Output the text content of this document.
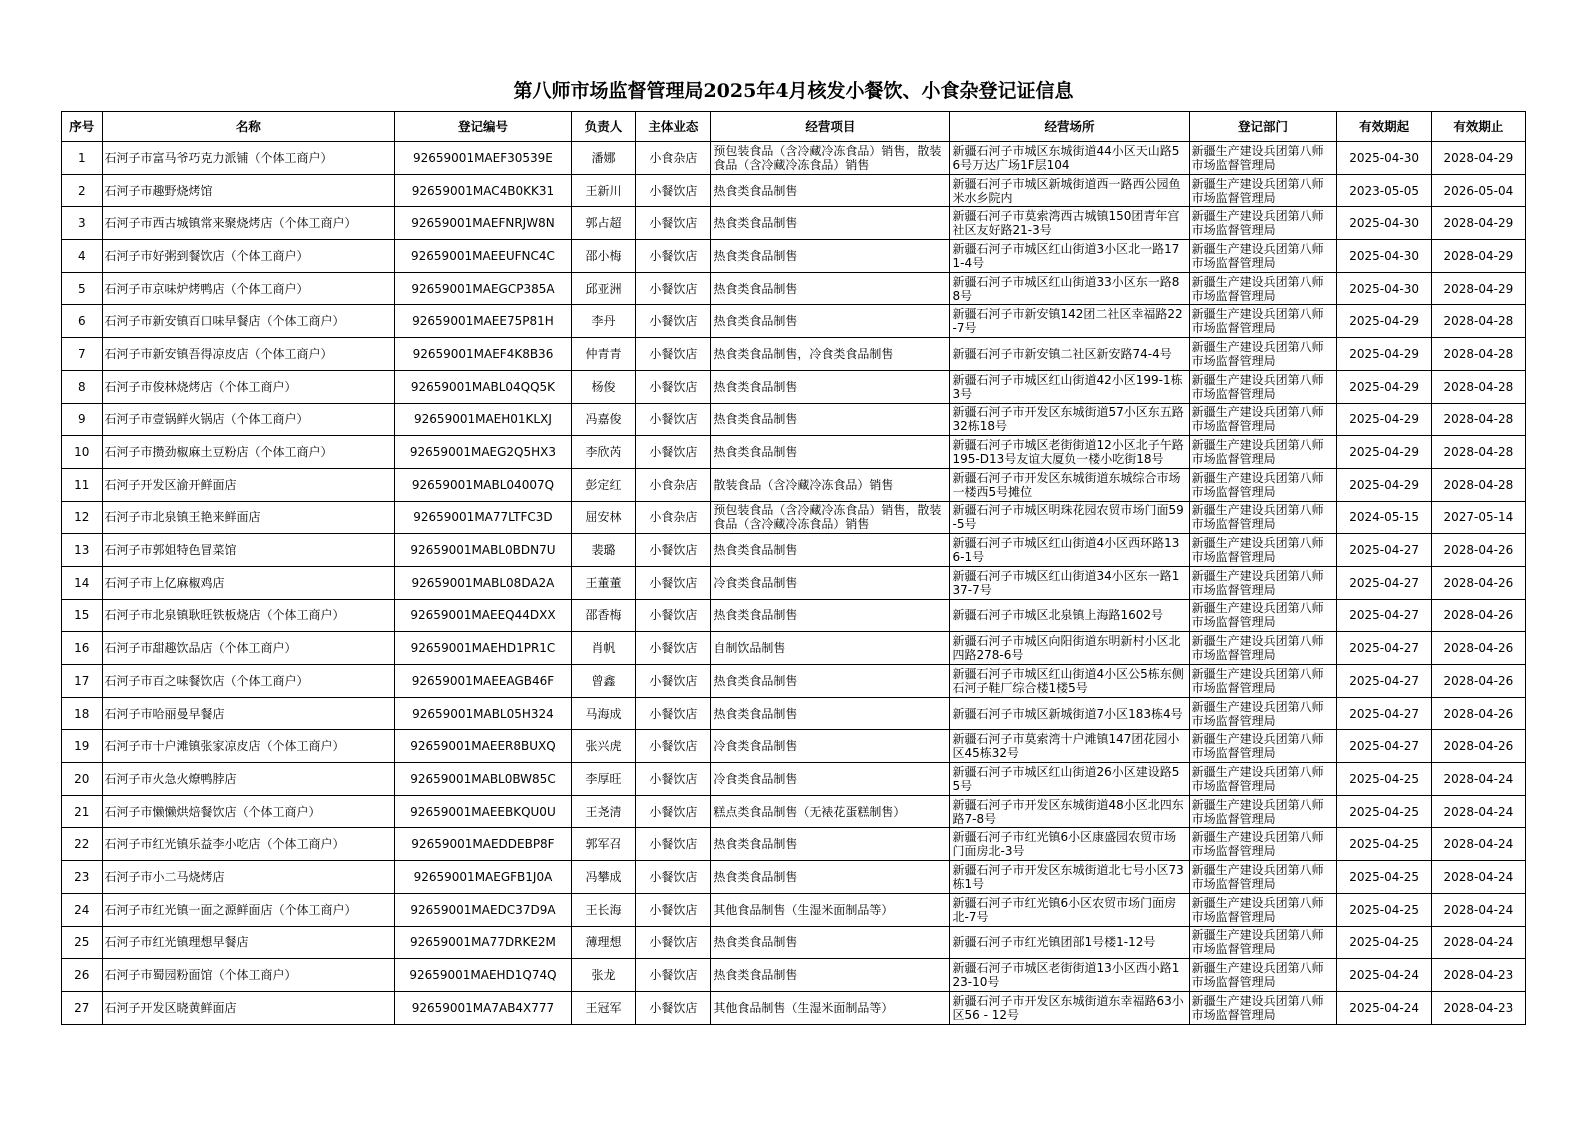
第八师市场监督管理局2025年4月核发小餐饮、小食杂登记证信息
序号	名称	登记编号	负责人	主体业态	经营项目	经营场所	登记部门	有效期起	有效期止
1	石河子市富马爷巧克力派铺（个体工商户）	92659001MAEF30539E	潘娜	小食杂店	预包装食品（含冷藏冷冻食品）销售，散装食品（含冷藏冷冻食品）销售	新疆石河子市城区东城街道44小区天山路56号万达广场1F层104	新疆生产建设兵团第八师市场监督管理局	2025-04-30	2028-04-29
2	石河子市趣野烧烤馆	92659001MAC4B0KK31	王新川	小餐饮店	热食类食品制售	新疆石河子市城区新城街道西一路西公园鱼米水乡院内	新疆生产建设兵团第八师市场监督管理局	2023-05-05	2026-05-04
3	石河子市西古城镇常来聚烧烤店（个体工商户）	92659001MAEFNRJW8N	郭占超	小餐饮店	热食类食品制售	新疆石河子市莫索湾西古城镇150团青年宫社区友好路21-3号	新疆生产建设兵团第八师市场监督管理局	2025-04-30	2028-04-29
4	石河子市好粥到餐饮店（个体工商户）	92659001MAEEUFNC4C	邵小梅	小餐饮店	热食类食品制售	新疆石河子市城区红山街道3小区北一路171-4号	新疆生产建设兵团第八师市场监督管理局	2025-04-30	2028-04-29
5	石河子市京味炉烤鸭店（个体工商户）	92659001MAEGCP385A	邱亚洲	小餐饮店	热食类食品制售	新疆石河子市城区红山街道33小区东一路88号	新疆生产建设兵团第八师市场监督管理局	2025-04-30	2028-04-29
6	石河子市新安镇百口味早餐店（个体工商户）	92659001MAEE75P81H	李丹	小餐饮店	热食类食品制售	新疆石河子市新安镇142团二社区幸福路22-7号	新疆生产建设兵团第八师市场监督管理局	2025-04-29	2028-04-28
7	石河子市新安镇吾得凉皮店（个体工商户）	92659001MAEF4K8B36	仲青青	小餐饮店	热食类食品制售，冷食类食品制售	新疆石河子市新安镇二社区新安路74-4号	新疆生产建设兵团第八师市场监督管理局	2025-04-29	2028-04-28
8	石河子市俊林烧烤店（个体工商户）	92659001MABL04QQ5K	杨俊	小餐饮店	热食类食品制售	新疆石河子市城区红山街道42小区199-1栋3号	新疆生产建设兵团第八师市场监督管理局	2025-04-29	2028-04-28
9	石河子市壹锅鲜火锅店（个体工商户）	92659001MAEH01KLXJ	冯嘉俊	小餐饮店	热食类食品制售	新疆石河子市开发区东城街道57小区东五路32栋18号	新疆生产建设兵团第八师市场监督管理局	2025-04-29	2028-04-28
10	石河子市攒劲椒麻土豆粉店（个体工商户）	92659001MAEG2Q5HX3	李欣芮	小餐饮店	热食类食品制售	新疆石河子市城区老街街道12小区北子午路195-D13号友谊大厦负一楼小吃街18号	新疆生产建设兵团第八师市场监督管理局	2025-04-29	2028-04-28
11	石河子开发区渝开鲜面店	92659001MABL04007Q	彭定红	小食杂店	散装食品（含冷藏冷冻食品）销售	新疆石河子市开发区东城街道东城综合市场一楼西5号摊位	新疆生产建设兵团第八师市场监督管理局	2025-04-29	2028-04-28
12	石河子市北泉镇王艳来鲜面店	92659001MA77LTFC3D	屈安林	小食杂店	预包装食品（含冷藏冷冻食品）销售，散装食品（含冷藏冷冻食品）销售	新疆石河子市城区明珠花园农贸市场门面59-5号	新疆生产建设兵团第八师市场监督管理局	2024-05-15	2027-05-14
13	石河子市郭姐特色冒菜馆	92659001MABL0BDN7U	裴璐	小餐饮店	热食类食品制售	新疆石河子市城区红山街道4小区西环路136-1号	新疆生产建设兵团第八师市场监督管理局	2025-04-27	2028-04-26
14	石河子市上亿麻椒鸡店	92659001MABL08DA2A	王董董	小餐饮店	冷食类食品制售	新疆石河子市城区红山街道34小区东一路137-7号	新疆生产建设兵团第八师市场监督管理局	2025-04-27	2028-04-26
15	石河子市北泉镇耿旺铁板烧店（个体工商户）	92659001MAEEQ44DXX	邵香梅	小餐饮店	热食类食品制售	新疆石河子市城区北泉镇上海路1602号	新疆生产建设兵团第八师市场监督管理局	2025-04-27	2028-04-26
16	石河子市甜趣饮品店（个体工商户）	92659001MAEHD1PR1C	肖帆	小餐饮店	自制饮品制售	新疆石河子市城区向阳街道东明新村小区北四路278-6号	新疆生产建设兵团第八师市场监督管理局	2025-04-27	2028-04-26
17	石河子市百之味餐饮店（个体工商户）	92659001MAEEAGB46F	曾鑫	小餐饮店	热食类食品制售	新疆石河子市城区红山街道4小区公5栋东侧石河子鞋厂综合楼1楼5号	新疆生产建设兵团第八师市场监督管理局	2025-04-27	2028-04-26
18	石河子市哈丽曼早餐店	92659001MABL05H324	马海成	小餐饮店	热食类食品制售	新疆石河子市城区新城街道7小区183栋4号	新疆生产建设兵团第八师市场监督管理局	2025-04-27	2028-04-26
19	石河子市十户滩镇张家凉皮店（个体工商户）	92659001MAEER8BUXQ	张兴虎	小餐饮店	冷食类食品制售	新疆石河子市莫索湾十户滩镇147团花园小区45栋32号	新疆生产建设兵团第八师市场监督管理局	2025-04-27	2028-04-26
20	石河子市火急火燎鸭脖店	92659001MABL0BW85C	李厚旺	小餐饮店	冷食类食品制售	新疆石河子市城区红山街道26小区建设路55号	新疆生产建设兵团第八师市场监督管理局	2025-04-25	2028-04-24
21	石河子市懒懒烘焙餐饮店（个体工商户）	92659001MAEEBKQU0U	王尧清	小餐饮店	糕点类食品制售（无裱花蛋糕制售）	新疆石河子市开发区东城街道48小区北四东路7-8号	新疆生产建设兵团第八师市场监督管理局	2025-04-25	2028-04-24
22	石河子市红光镇乐益李小吃店（个体工商户）	92659001MAEDDEBP8F	郭军召	小餐饮店	热食类食品制售	新疆石河子市红光镇6小区康盛园农贸市场门面房北-3号	新疆生产建设兵团第八师市场监督管理局	2025-04-25	2028-04-24
23	石河子市小二马烧烤店	92659001MAEGFB1J0A	冯攀成	小餐饮店	热食类食品制售	新疆石河子市开发区东城街道北七号小区73栋1号	新疆生产建设兵团第八师市场监督管理局	2025-04-25	2028-04-24
24	石河子市红光镇一面之源鲜面店（个体工商户）	92659001MAEDC37D9A	王长海	小餐饮店	其他食品制售（生湿米面制品等）	新疆石河子市红光镇6小区农贸市场门面房北-7号	新疆生产建设兵团第八师市场监督管理局	2025-04-25	2028-04-24
25	石河子市红光镇理想早餐店	92659001MA77DRKE2M	薄理想	小餐饮店	热食类食品制售	新疆石河子市红光镇团部1号楼1-12号	新疆生产建设兵团第八师市场监督管理局	2025-04-25	2028-04-24
26	石河子市蜀园粉面馆（个体工商户）	92659001MAEHD1Q74Q	张龙	小餐饮店	热食类食品制售	新疆石河子市城区老街街道13小区西小路123-10号	新疆生产建设兵团第八师市场监督管理局	2025-04-24	2028-04-23
27	石河子开发区晓黄鲜面店	92659001MA7AB4X777	王冠军	小餐饮店	其他食品制售（生湿米面制品等）	新疆石河子市开发区东城街道东幸福路63小区56 - 12号	新疆生产建设兵团第八师市场监督管理局	2025-04-24	2028-04-23
